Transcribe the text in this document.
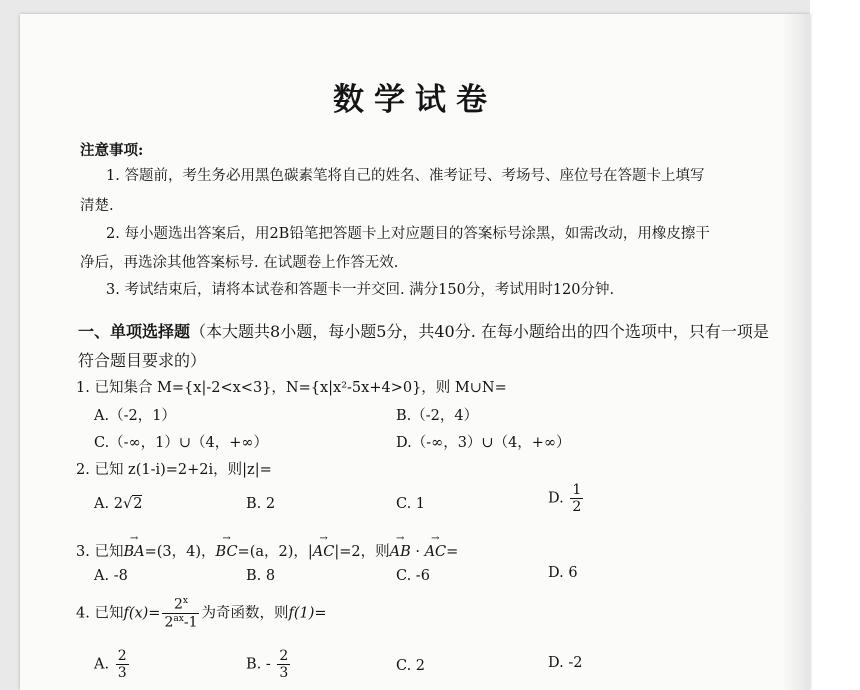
数学试卷
注意事项:
1. 答题前，考生务必用黑色碳素笔将自己的姓名、准考证号、考场号、座位号在答题卡上填写
清楚.
2. 每小题选出答案后，用2B铅笔把答题卡上对应题目的答案标号涂黑，如需改动，用橡皮擦干
净后，再选涂其他答案标号. 在试题卷上作答无效.
3. 考试结束后，请将本试卷和答题卡一并交回. 满分150分，考试用时120分钟.
一、单项选择题（本大题共8小题，每小题5分，共40分. 在每小题给出的四个选项中，只有一项是
符合题目要求的）
1. 已知集合 M={x|-2<x<3}，N={x|x²-5x+4>0}，则 M∪N=
A.（-2，1）	B.（-2，4）
C.（-∞，1）∪（4，+∞）	D.（-∞，3）∪（4，+∞）
2. 已知 z(1-i)=2+2i，则|z|=
A. 2√2	B. 2	C. 1	D. $\frac{1}{2}$
3. 已知→ BA=(3，4)，→ BC=(a，2)，|→ AC|=2，则→ AB · → AC=
A. -8	B. 8	C. -6	D. 6
4. 已知$f(x)= \frac{2^x}{2^{ax}-1}$ 为奇函数，则f(1)=
A. $\frac{2}{3}$	B. - $\frac{2}{3}$	C. 2	D. -2
